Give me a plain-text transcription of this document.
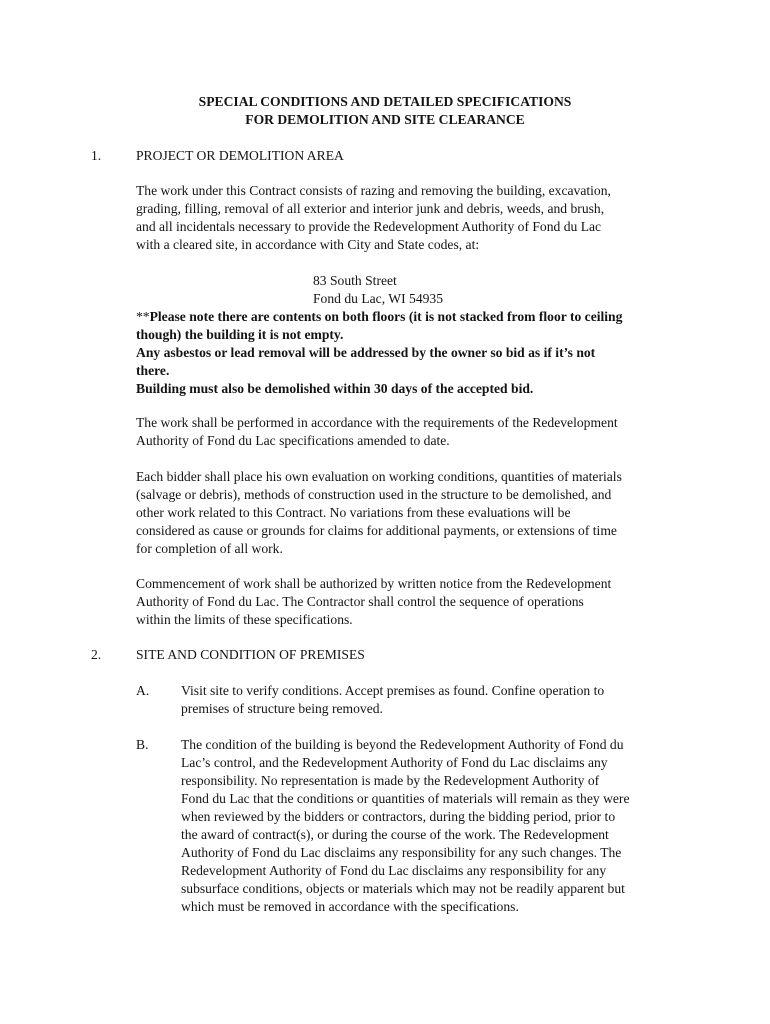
SPECIAL CONDITIONS AND DETAILED SPECIFICATIONS
FOR DEMOLITION AND SITE CLEARANCE
1.	PROJECT OR DEMOLITION AREA

The work under this Contract consists of razing and removing the building, excavation,
grading, filling, removal of all exterior and interior junk and debris, weeds, and brush,
and all incidentals necessary to provide the Redevelopment Authority of Fond du Lac
with a cleared site, in accordance with City and State codes, at:

83 South Street
Fond du Lac, WI 54935

**Please note there are contents on both floors (it is not stacked from floor to ceiling
though) the building it is not empty.
Any asbestos or lead removal will be addressed by the owner so bid as if it’s not
there.
Building must also be demolished within 30 days of the accepted bid.

The work shall be performed in accordance with the requirements of the Redevelopment
Authority of Fond du Lac specifications amended to date.

Each bidder shall place his own evaluation on working conditions, quantities of materials
(salvage or debris), methods of construction used in the structure to be demolished, and
other work related to this Contract. No variations from these evaluations will be
considered as cause or grounds for claims for additional payments, or extensions of time
for completion of all work.

Commencement of work shall be authorized by written notice from the Redevelopment
Authority of Fond du Lac. The Contractor shall control the sequence of operations
within the limits of these specifications.

2.	SITE AND CONDITION OF PREMISES
A. Visit site to verify conditions. Accept premises as found. Confine operation to
premises of structure being removed.

B. The condition of the building is beyond the Redevelopment Authority of Fond du
Lac’s control, and the Redevelopment Authority of Fond du Lac disclaims any
responsibility. No representation is made by the Redevelopment Authority of
Fond du Lac that the conditions or quantities of materials will remain as they were
when reviewed by the bidders or contractors, during the bidding period, prior to
the award of contract(s), or during the course of the work. The Redevelopment
Authority of Fond du Lac disclaims any responsibility for any such changes. The
Redevelopment Authority of Fond du Lac disclaims any responsibility for any
subsurface conditions, objects or materials which may not be readily apparent but
which must be removed in accordance with the specifications.
